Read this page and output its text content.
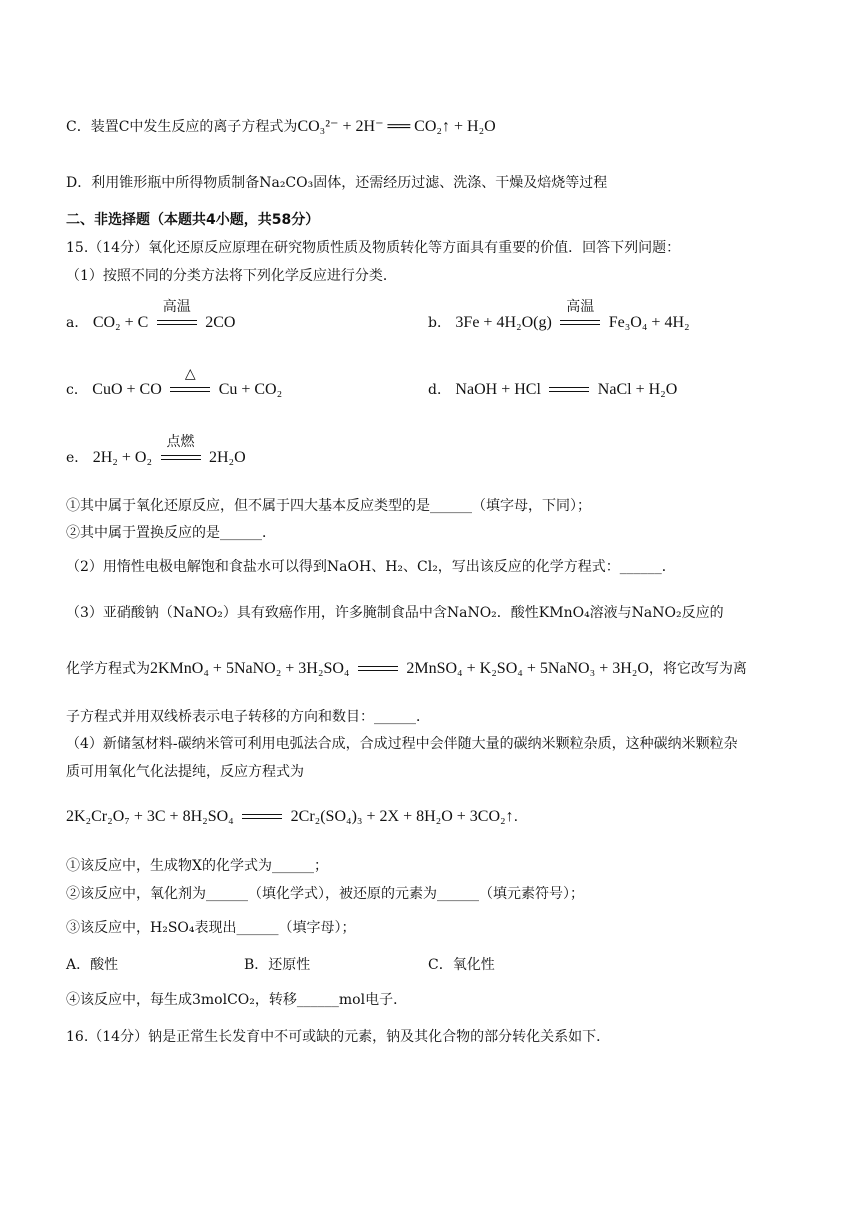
C．装置C中发生反应的离子方程式为CO₃²⁻ + 2H⁻ ══ CO₂↑ + H₂O
D．利用锥形瓶中所得物质制备Na₂CO₃固体，还需经历过滤、洗涤、干燥及焙烧等过程
二、非选择题（本题共4小题，共58分）
15.（14分）氧化还原反应原理在研究物质性质及物质转化等方面具有重要的价值．回答下列问题：
（1）按照不同的分类方法将下列化学反应进行分类．
a． CO₂ + C
高温
2CO	b． 3Fe + 4H₂O(g)
高温
Fe₃O₄ + 4H₂
c． CuO + CO
△
Cu + CO₂	d． NaOH + HCl	NaCl + H₂O
e． 2H₂ + O₂
点燃
2H₂O
①其中属于氧化还原反应，但不属于四大基本反应类型的是______（填字母，下同）；
②其中属于置换反应的是______．
（2）用惰性电极电解饱和食盐水可以得到NaOH、H₂、Cl₂，写出该反应的化学方程式：______．
（3）亚硝酸钠（NaNO₂）具有致癌作用，许多腌制食品中含NaNO₂．酸性KMnO₄溶液与NaNO₂反应的
化学方程式为2KMnO₄ + 5NaNO₂ + 3H₂SO₄	2MnSO₄ + K₂SO₄ + 5NaNO₃ + 3H₂O，将它改写为离
子方程式并用双线桥表示电子转移的方向和数目：______．
（4）新储氢材料-碳纳米管可利用电弧法合成，合成过程中会伴随大量的碳纳米颗粒杂质，这种碳纳米颗粒杂
质可用氧化气化法提纯，反应方程式为
2K₂Cr₂O₇ + 3C + 8H₂SO₄	2Cr₂(SO₄)₃ + 2X + 8H₂O + 3CO₂↑.
①该反应中，生成物X的化学式为______；
②该反应中，氧化剂为______（填化学式），被还原的元素为______（填元素符号）；
③该反应中，H₂SO₄表现出______（填字母）；
A．酸性	B．还原性	C．氧化性
④该反应中，每生成3molCO₂，转移______mol电子．
16.（14分）钠是正常生长发育中不可或缺的元素，钠及其化合物的部分转化关系如下．
